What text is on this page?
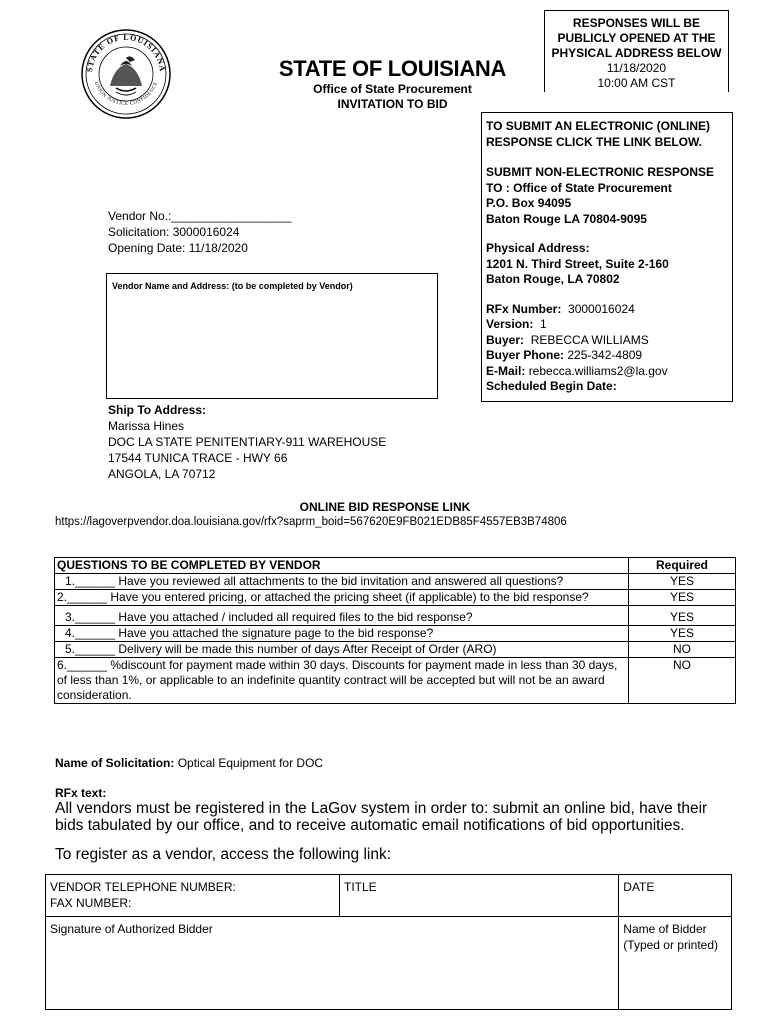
STATE OF LOUISIANA
UNION JUSTICE CONFIDENCE
STATE OF LOUISIANA
Office of State Procurement
INVITATION TO BID
RESPONSES WILL BE
PUBLICLY OPENED AT THE
PHYSICAL ADDRESS BELOW
11/18/2020
10:00 AM CST
TO SUBMIT AN ELECTRONIC (ONLINE)
RESPONSE CLICK THE LINK BELOW.
SUBMIT NON-ELECTRONIC RESPONSE
TO : Office of State Procurement
P.O. Box 94095
Baton Rouge LA 70804-9095
Physical Address:
1201 N. Third Street, Suite 2-160
Baton Rouge, LA 70802
RFx Number: 3000016024
Version: 1
Buyer: REBECCA WILLIAMS
Buyer Phone: 225-342-4809
E-Mail: rebecca.williams2@la.gov
Scheduled Begin Date:
Vendor No.:__________________
Solicitation: 3000016024
Opening Date: 11/18/2020
Vendor Name and Address: (to be completed by Vendor)
Ship To Address:
Marissa Hines
DOC LA STATE PENITENTIARY-911 WAREHOUSE
17544 TUNICA TRACE - HWY 66
ANGOLA, LA 70712
ONLINE BID RESPONSE LINK
https://lagoverpvendor.doa.louisiana.gov/rfx?saprm_boid=567620E9FB021EDB85F4557EB3B74806
QUESTIONS TO BE COMPLETED BY VENDOR	Required
1.______ Have you reviewed all attachments to the bid invitation and answered all questions?	YES
2.______ Have you entered pricing, or attached the pricing sheet (if applicable) to the bid response?	YES
3.______ Have you attached / included all required files to the bid response?	YES
4.______ Have you attached the signature page to the bid response?	YES
5.______ Delivery will be made this number of days After Receipt of Order (ARO)	NO
6.______ %discount for payment made within 30 days. Discounts for payment made in less than 30 days, of less than 1%, or applicable to an indefinite quantity contract will be accepted but will not be an award consideration.	NO
Name of Solicitation: Optical Equipment for DOC
RFx text:
All vendors must be registered in the LaGov system in order to: submit an online bid, have their bids tabulated by our office, and to receive automatic email notifications of bid opportunities.
To register as a vendor, access the following link:
VENDOR TELEPHONE NUMBER:
FAX NUMBER:	TITLE	DATE

Signature of Authorized Bidder		Name of Bidder
(Typed or printed)
